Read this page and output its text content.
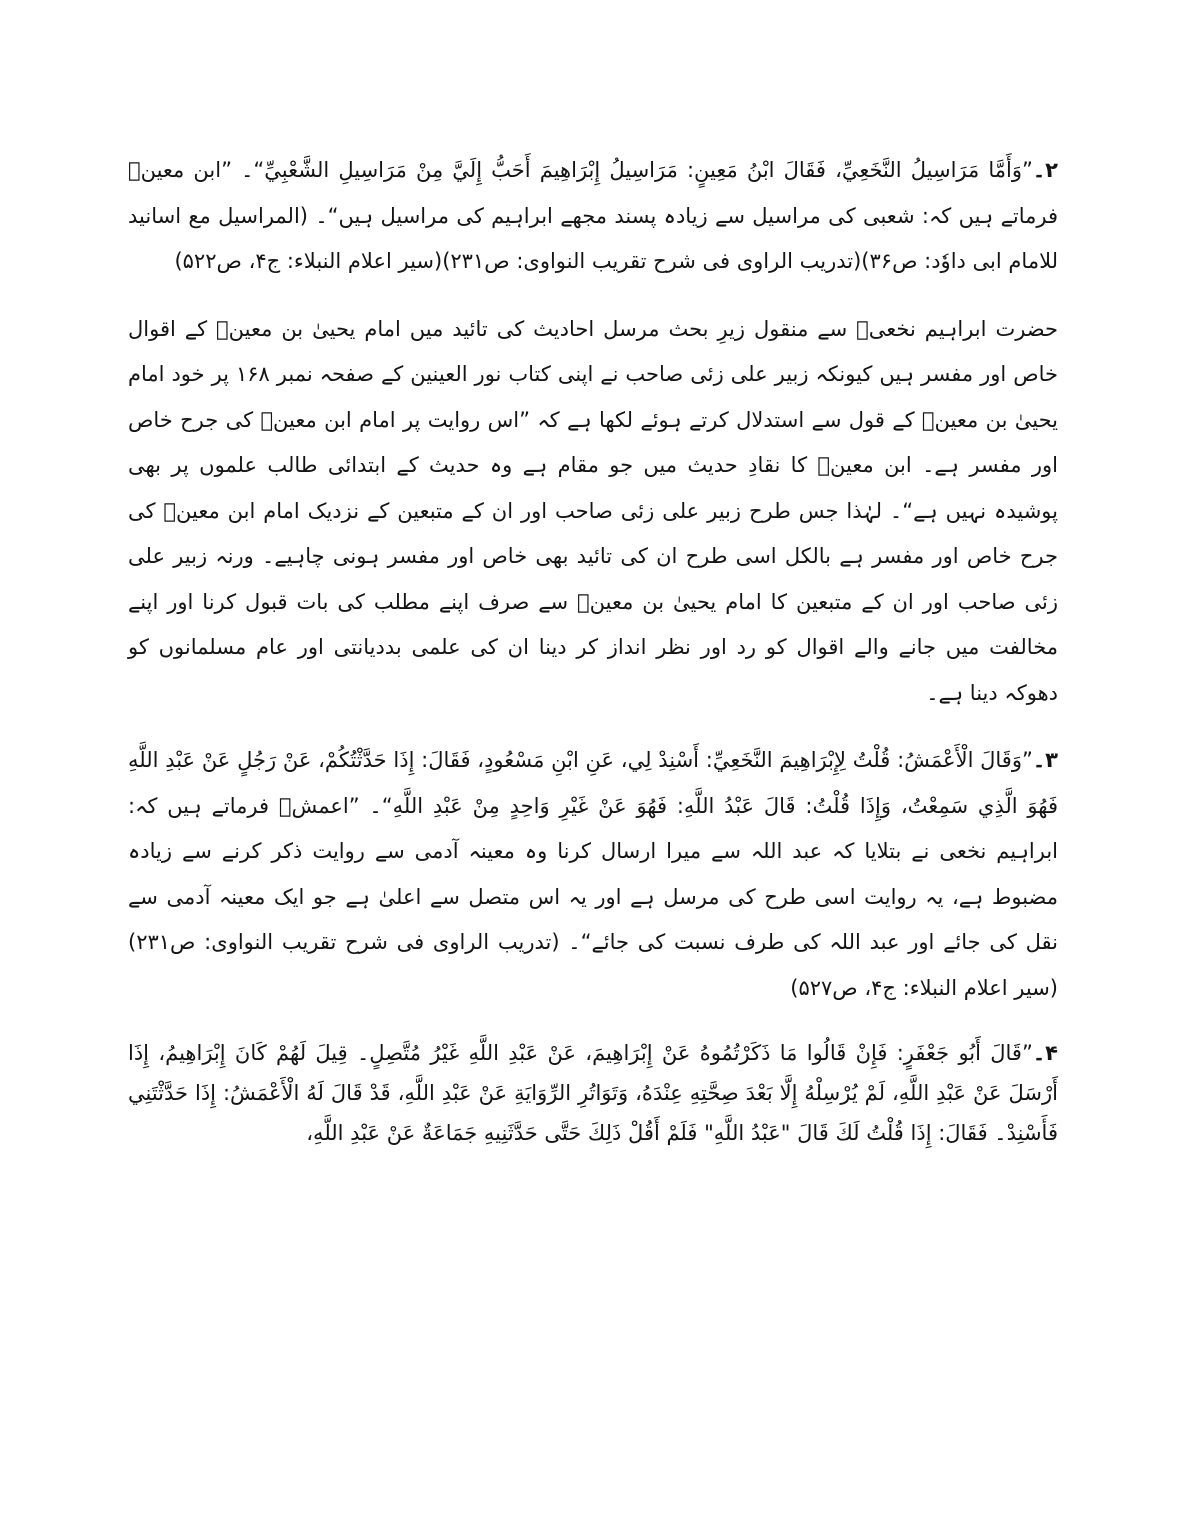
۲۔”وَأَمَّا مَرَاسِيلُ النَّخَعِيِّ، فَقَالَ ابْنُ مَعِينٍ: مَرَاسِيلُ إِبْرَاهِيمَ أَحَبُّ إِلَيَّ مِنْ مَرَاسِيلِ الشَّعْبِيِّ“۔ ”ابن معینؒ فرماتے ہیں کہ: شعبی کی مراسیل سے زیادہ پسند مجھے ابراہیم کی مراسیل ہیں“۔ (المراسیل مع اسانید للامام ابی داوٗد: ص۳۶)(تدریب الراوی فی شرح تقریب النواوی: ص۲۳۱)(سیر اعلام النبلاء: ج۴، ص۵۲۲)

حضرت ابراہیم نخعیؒ سے منقول زیرِ بحث مرسل احادیث کی تائید میں امام یحییٰ بن معینؒ کے اقوال خاص اور مفسر ہیں کیونکہ زبیر علی زئی صاحب نے اپنی کتاب نور العینین کے صفحہ نمبر ۱۶۸ پر خود امام یحییٰ بن معینؒ کے قول سے استدلال کرتے ہوئے لکھا ہے کہ ”اس روایت پر امام ابن معینؒ کی جرح خاص اور مفسر ہے۔ ابن معینؒ کا نقادِ حدیث میں جو مقام ہے وہ حدیث کے ابتدائی طالب علموں پر بھی پوشیدہ نہیں ہے“۔ لہٰذا جس طرح زبیر علی زئی صاحب اور ان کے متبعین کے نزدیک امام ابن معینؒ کی جرح خاص اور مفسر ہے بالکل اسی طرح ان کی تائید بھی خاص اور مفسر ہونی چاہیے۔ ورنہ زبیر علی زئی صاحب اور ان کے متبعین کا امام یحییٰ بن معینؒ سے صرف اپنے مطلب کی بات قبول کرنا اور اپنے مخالفت میں جانے والے اقوال کو رد اور نظر انداز کر دینا ان کی علمی بددیانتی اور عام مسلمانوں کو دھوکہ دینا ہے۔

۳۔”وَقَالَ الْأَعْمَشُ: قُلْتُ لِإِبْرَاهِيمَ النَّخَعِيِّ: أَسْنِدْ لِي، عَنِ ابْنِ مَسْعُودٍ، فَقَالَ: إِذَا حَدَّثْتُكُمْ، عَنْ رَجُلٍ عَنْ عَبْدِ اللَّهِ فَهُوَ الَّذِي سَمِعْتُ، وَإِذَا قُلْتُ: قَالَ عَبْدُ اللَّهِ: فَهُوَ عَنْ غَيْرِ وَاحِدٍ مِنْ عَبْدِ اللَّهِ“۔ ”اعمشؒ فرماتے ہیں کہ: ابراہیم نخعی نے بتلایا کہ عبد اللہ سے میرا ارسال کرنا وہ معینہ آدمی سے روایت ذکر کرنے سے زیادہ مضبوط ہے، یہ روایت اسی طرح کی مرسل ہے اور یہ اس متصل سے اعلیٰ ہے جو ایک معینہ آدمی سے نقل کی جائے اور عبد اللہ کی طرف نسبت کی جائے“۔ (تدریب الراوی فی شرح تقریب النواوی: ص۲۳۱)(سیر اعلام النبلاء: ج۴، ص۵۲۷)

۴۔”قَالَ أَبُو جَعْفَرٍ: فَإِنْ قَالُوا مَا ذَكَرْتُمُوهُ عَنْ إِبْرَاهِيمَ، عَنْ عَبْدِ اللَّهِ غَيْرُ مُتَّصِلٍ۔ قِيلَ لَهُمْ كَانَ إِبْرَاهِيمُ، إِذَا أَرْسَلَ عَنْ عَبْدِ اللَّهِ، لَمْ يُرْسِلْهُ إِلَّا بَعْدَ صِحَّتِهِ عِنْدَهُ، وَتَوَاتُرِ الرِّوَايَةِ عَنْ عَبْدِ اللَّهِ، قَدْ قَالَ لَهُ الْأَعْمَشُ: إِذَا حَدَّثْتَنِي فَأَسْنِدْ۔ فَقَالَ: إِذَا قُلْتُ لَكَ قَالَ "عَبْدُ اللَّهِ" فَلَمْ أَقُلْ ذَلِكَ حَتَّى حَدَّثَنِيهِ جَمَاعَةٌ عَنْ عَبْدِ اللَّهِ،
